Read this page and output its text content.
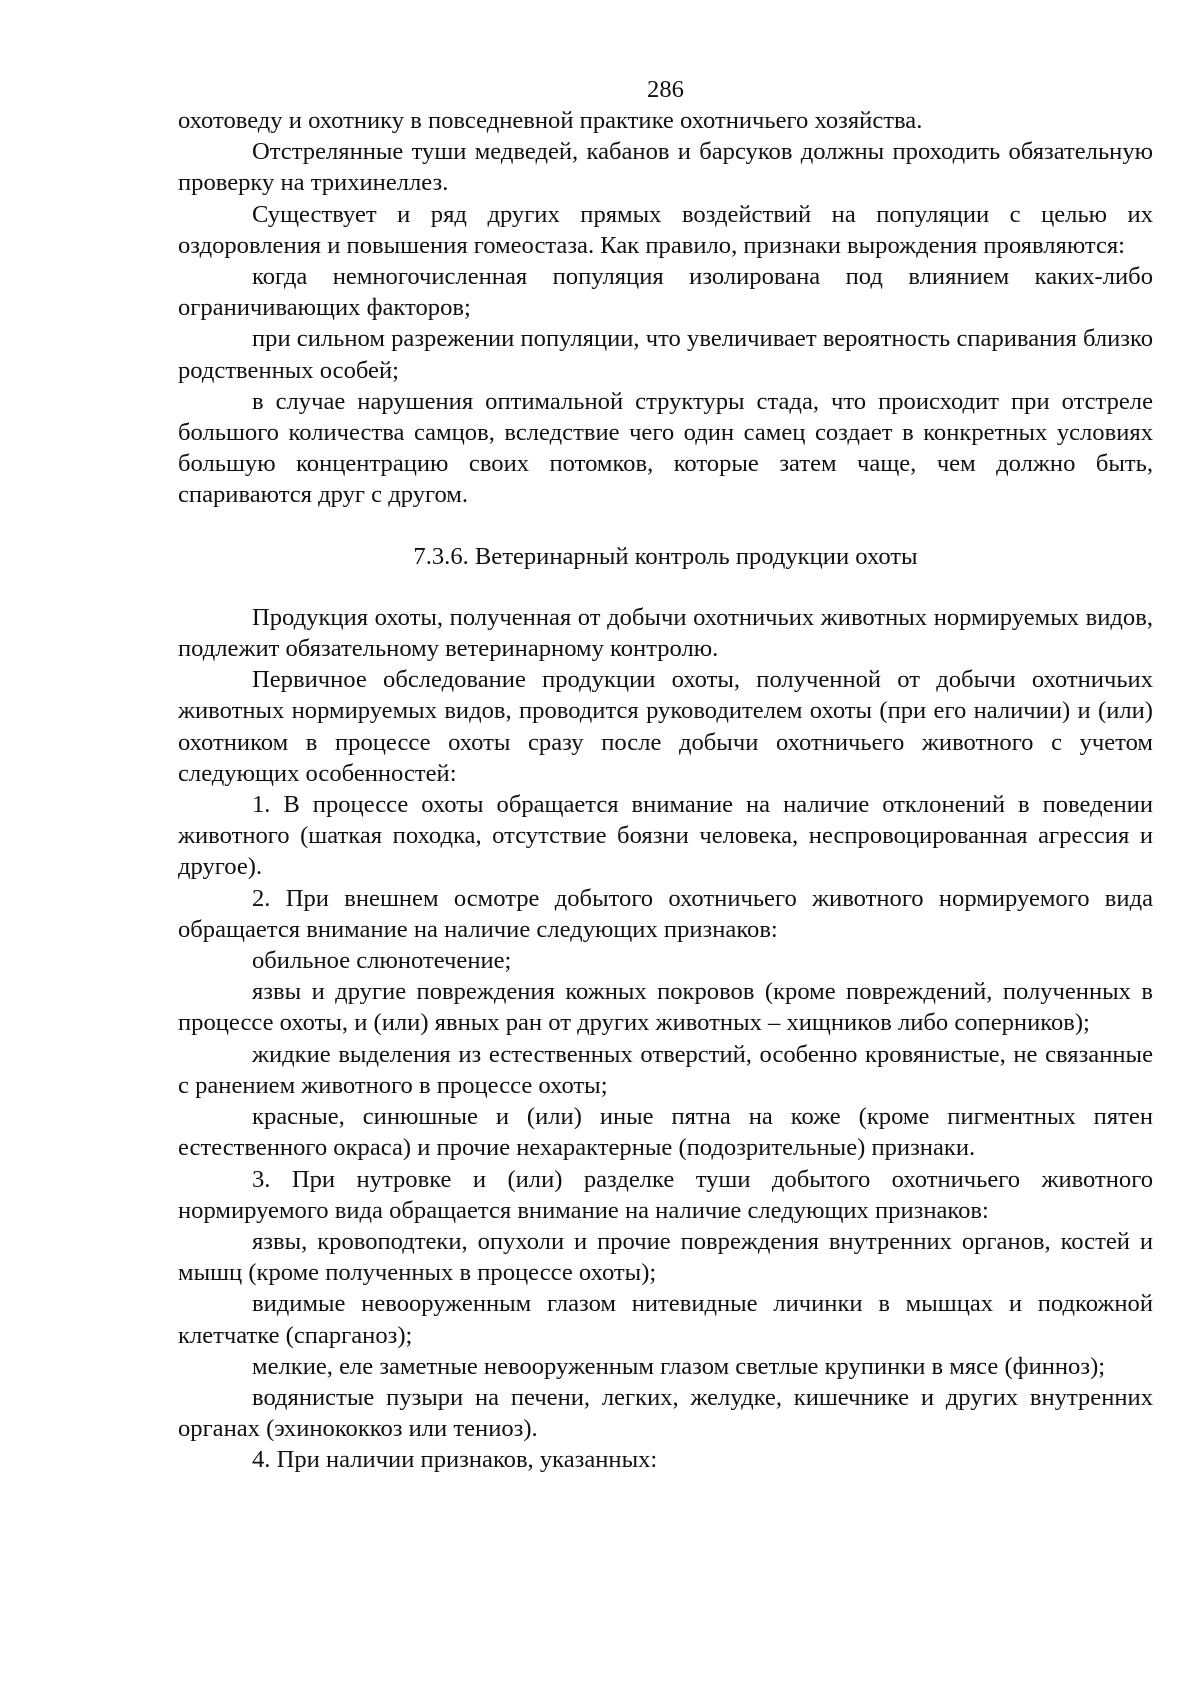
286

охотоведу и охотнику в повседневной практике охотничьего хозяйства.

Отстрелянные туши медведей, кабанов и барсуков должны проходить обязательную проверку на трихинеллез.

Существует и ряд других прямых воздействий на популяции с целью их оздоровления и повышения гомеостаза. Как правило, признаки вырождения проявляются:

когда немногочисленная популяция изолирована под влиянием каких-либо ограничивающих факторов;

при сильном разрежении популяции, что увеличивает вероятность спаривания близко родственных особей;

в случае нарушения оптимальной структуры стада, что происходит при отстреле большого количества самцов, вследствие чего один самец создает в конкретных условиях большую концентрацию своих потомков, которые затем чаще, чем должно быть, спариваются друг с другом.

7.3.6. Ветеринарный контроль продукции охоты

Продукция охоты, полученная от добычи охотничьих животных нормируемых видов, подлежит обязательному ветеринарному контролю.

Первичное обследование продукции охоты, полученной от добычи охотничьих животных нормируемых видов, проводится руководителем охоты (при его наличии) и (или) охотником в процессе охоты сразу после добычи охотничьего животного с учетом следующих особенностей:

1. В процессе охоты обращается внимание на наличие отклонений в поведении животного (шаткая походка, отсутствие боязни человека, неспровоцированная агрессия и другое).

2. При внешнем осмотре добытого охотничьего животного нормируемого вида обращается внимание на наличие следующих признаков:

обильное слюнотечение;

язвы и другие повреждения кожных покровов (кроме повреждений, полученных в процессе охоты, и (или) явных ран от других животных – хищников либо соперников);

жидкие выделения из естественных отверстий, особенно кровянистые, не связанные с ранением животного в процессе охоты;

красные, синюшные и (или) иные пятна на коже (кроме пигментных пятен естественного окраса) и прочие нехарактерные (подозрительные) признаки.

3. При нутровке и (или) разделке туши добытого охотничьего животного нормируемого вида обращается внимание на наличие следующих признаков:

язвы, кровоподтеки, опухоли и прочие повреждения внутренних органов, костей и мышц (кроме полученных в процессе охоты);

видимые невооруженным глазом нитевидные личинки в мышцах и подкожной клетчатке (спарганоз);

мелкие, еле заметные невооруженным глазом светлые крупинки в мясе (финноз);

водянистые пузыри на печени, легких, желудке, кишечнике и других внутренних органах (эхинококкоз или тениоз).

4. При наличии признаков, указанных:
